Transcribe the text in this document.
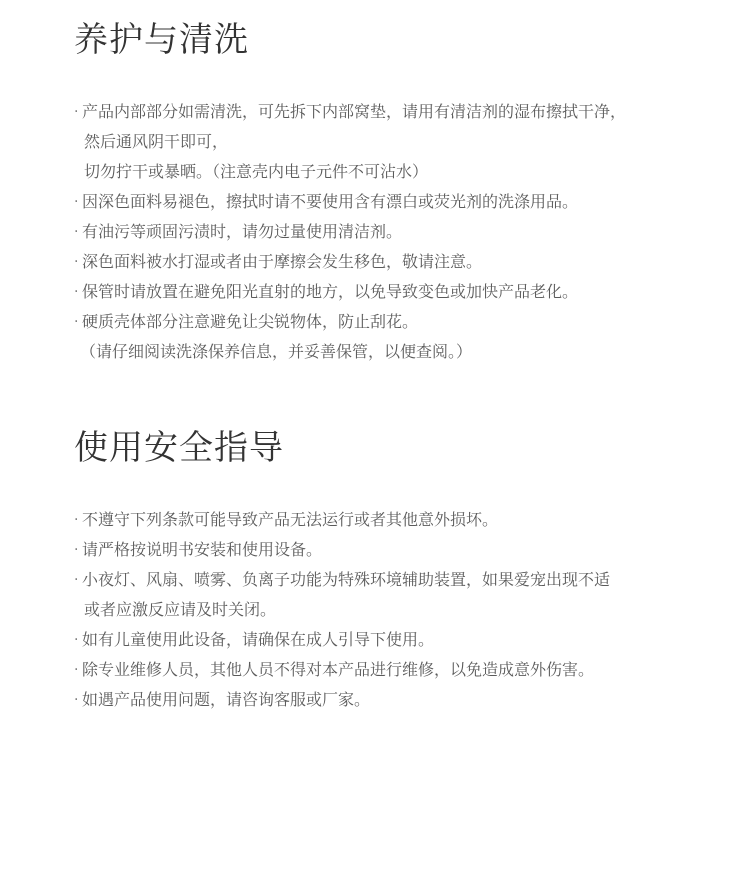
养护与清洗
· 产品内部部分如需清洗，可先拆下内部窝垫，请用有清洁剂的湿布擦拭干净，
然后通风阴干即可，
切勿拧干或暴晒。（注意壳内电子元件不可沾水）
· 因深色面料易褪色，擦拭时请不要使用含有漂白或荧光剂的洗涤用品。
· 有油污等顽固污渍时，请勿过量使用清洁剂。
· 深色面料被水打湿或者由于摩擦会发生移色，敬请注意。
· 保管时请放置在避免阳光直射的地方，以免导致变色或加快产品老化。
· 硬质壳体部分注意避免让尖锐物体，防止刮花。
（请仔细阅读洗涤保养信息，并妥善保管，以便查阅。）
使用安全指导
· 不遵守下列条款可能导致产品无法运行或者其他意外损坏。
· 请严格按说明书安装和使用设备。
· 小夜灯、风扇、喷雾、负离子功能为特殊环境辅助装置，如果爱宠出现不适
或者应激反应请及时关闭。
· 如有儿童使用此设备，请确保在成人引导下使用。
· 除专业维修人员，其他人员不得对本产品进行维修，以免造成意外伤害。
· 如遇产品使用问题，请咨询客服或厂家。
